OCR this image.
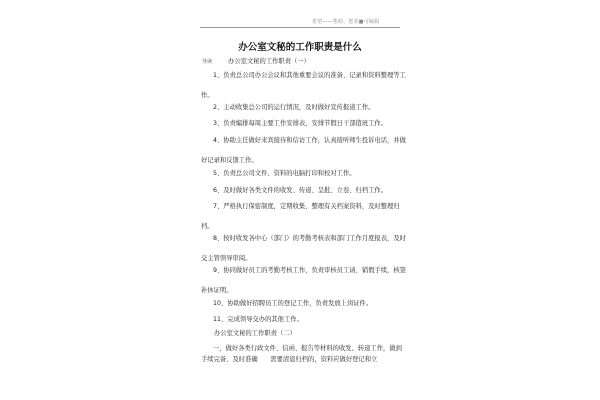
希望——帮助，您获■可编辑
办公室文秘的工作职责是什么
导读	办公室文秘的工作职责（一）

1、负责总公司办公会议和其他重要会议的准备、记录和资料整理等工作。

2、主动收集总公司的运行情况，及时做好宣传报道工作。

3、负责编排每周主要工作安排表，安排节假日干部值班工作。

4、协助主任做好来宾接待和信访工作，认真接听师生投诉电话，并做好记录和反馈工作。

5、负责总公司文件、资料的电脑打印和校对工作。

6、及时做好各类文件的收发、传递、呈批、立卷、归档工作。

7、严格执行保密制度，定期收集、整理有关档案资料，及时整理归档。

8、按时收发各中心（部门）的考勤考核表和部门工作月度报表，及时交主管领导审阅。

9、协同做好员工的考勤考核工作，负责审核员工请、销假手续，核签补休证明。

10、协助做好招聘员工的登记工作，负责发放上岗证件。

11、完成领导交办的其他工作。

办公室文秘的工作职责（二）

一，做好各类行政文件、信函、报告等材料的收发、转递工作，做到手续完备、及时准确　　需要清退归档的，资料应做好登记和立
